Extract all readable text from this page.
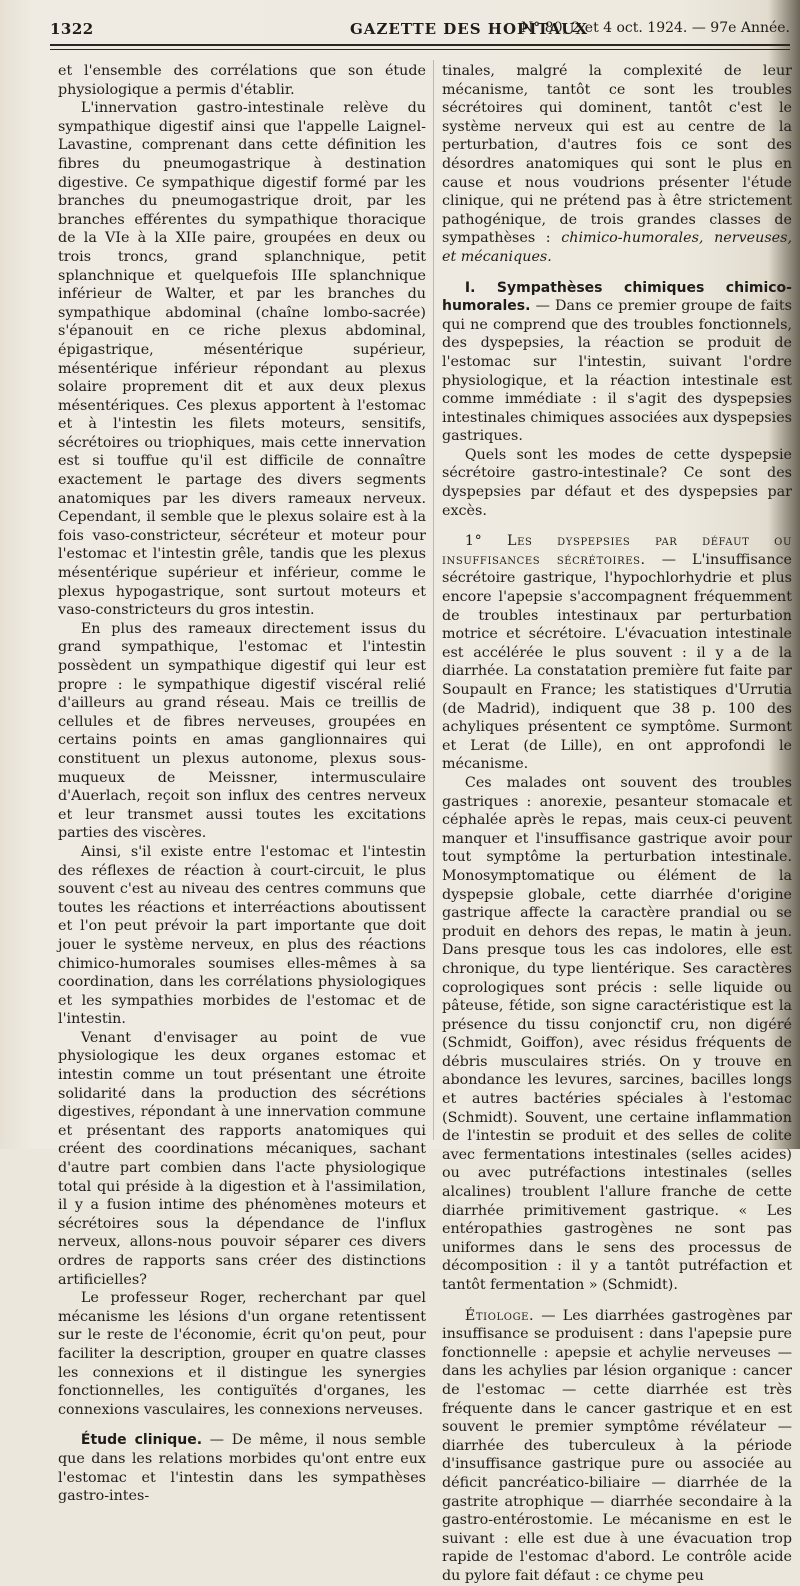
1322	GAZETTE DES HOPITAUX
N° 80, 2 et 4 oct. 1924. — 97e Année.

et l'ensemble des corrélations que son étude physiologique a permis d'établir.

L'innervation gastro-intestinale relève du sympathique digestif ainsi que l'appelle Laignel-Lavastine, comprenant dans cette définition les fibres du pneumogastrique à destination digestive. Ce sympathique digestif formé par les branches du pneumogastrique droit, par les branches efférentes du sympathique thoracique de la VIe à la XIIe paire, groupées en deux ou trois troncs, grand splanchnique, petit splanchnique et quelquefois IIIe splanchnique inférieur de Walter, et par les branches du sympathique abdominal (chaîne lombo-sacrée) s'épanouit en ce riche plexus abdominal, épigastrique, mésentérique supérieur, mésentérique inférieur répondant au plexus solaire proprement dit et aux deux plexus mésentériques. Ces plexus apportent à l'estomac et à l'intestin les filets moteurs, sensitifs, sécrétoires ou triophiques, mais cette innervation est si touffue qu'il est difficile de connaître exactement le partage des divers segments anatomiques par les divers rameaux nerveux. Cependant, il semble que le plexus solaire est à la fois vaso-constricteur, sécréteur et moteur pour l'estomac et l'intestin grêle, tandis que les plexus mésentérique supérieur et inférieur, comme le plexus hypogastrique, sont surtout moteurs et vaso-constricteurs du gros intestin.

En plus des rameaux directement issus du grand sympathique, l'estomac et l'intestin possèdent un sympathique digestif qui leur est propre : le sympathique digestif viscéral relié d'ailleurs au grand réseau. Mais ce treillis de cellules et de fibres nerveuses, groupées en certains points en amas ganglionnaires qui constituent un plexus autonome, plexus sous-muqueux de Meissner, intermusculaire d'Auerlach, reçoit son influx des centres nerveux et leur transmet aussi toutes les excitations parties des viscères.

Ainsi, s'il existe entre l'estomac et l'intestin des réflexes de réaction à court-circuit, le plus souvent c'est au niveau des centres communs que toutes les réactions et interréactions aboutissent et l'on peut prévoir la part importante que doit jouer le système nerveux, en plus des réactions chimico-humorales soumises elles-mêmes à sa coordination, dans les corrélations physiologiques et les sympathies morbides de l'estomac et de l'intestin.

Venant d'envisager au point de vue physiologique les deux organes estomac et intestin comme un tout présentant une étroite solidarité dans la production des sécrétions digestives, répondant à une innervation commune et présentant des rapports anatomiques qui créent des coordinations mécaniques, sachant d'autre part combien dans l'acte physiologique total qui préside à la digestion et à l'assimilation, il y a fusion intime des phénomènes moteurs et sécrétoires sous la dépendance de l'influx nerveux, allons-nous pouvoir séparer ces divers ordres de rapports sans créer des distinctions artificielles?

Le professeur Roger, recherchant par quel mécanisme les lésions d'un organe retentissent sur le reste de l'économie, écrit qu'on peut, pour faciliter la description, grouper en quatre classes les connexions et il distingue les synergies fonctionnelles, les contiguïtés d'organes, les connexions vasculaires, les connexions nerveuses.

Étude clinique. — De même, il nous semble que dans les relations morbides qu'ont entre eux l'estomac et l'intestin dans les sympathèses gastro-intes-

tinales, malgré la complexité de leur mécanisme, tantôt ce sont les troubles sécrétoires qui dominent, tantôt c'est le système nerveux qui est au centre de la perturbation, d'autres fois ce sont des désordres anatomiques qui sont le plus en cause et nous voudrions présenter l'étude clinique, qui ne prétend pas à être strictement pathogénique, de trois grandes classes de sympathèses : chimico-humorales, nerveuses, et mécaniques.

I. Sympathèses chimiques chimico-humorales. — Dans ce premier groupe de faits qui ne comprend que des troubles fonctionnels, des dyspepsies, la réaction se produit de l'estomac sur l'intestin, suivant l'ordre physiologique, et la réaction intestinale est comme immédiate : il s'agit des dyspepsies intestinales chimiques associées aux dyspepsies gastriques.

Quels sont les modes de cette dyspepsie sécrétoire gastro-intestinale? Ce sont des dyspepsies par défaut et des dyspepsies par excès.

1° Les dyspepsies par défaut ou insuffisances sécrétoires. — L'insuffisance sécrétoire gastrique, l'hypochlorhydrie et plus encore l'apepsie s'accompagnent fréquemment de troubles intestinaux par perturbation motrice et sécrétoire. L'évacuation intestinale est accélérée le plus souvent : il y a de la diarrhée. La constatation première fut faite par Soupault en France; les statistiques d'Urrutia (de Madrid), indiquent que 38 p. 100 des achyliques présentent ce symptôme. Surmont et Lerat (de Lille), en ont approfondi le mécanisme.

Ces malades ont souvent des troubles gastriques : anorexie, pesanteur stomacale et céphalée après le repas, mais ceux-ci peuvent manquer et l'insuffisance gastrique avoir pour tout symptôme la perturbation intestinale. Monosymptomatique ou élément de la dyspepsie globale, cette diarrhée d'origine gastrique affecte la caractère prandial ou se produit en dehors des repas, le matin à jeun. Dans presque tous les cas indolores, elle est chronique, du type lientérique. Ses caractères coprologiques sont précis : selle liquide ou pâteuse, fétide, son signe caractéristique est la présence du tissu conjonctif cru, non digéré (Schmidt, Goiffon), avec résidus fréquents de débris musculaires striés. On y trouve en abondance les levures, sarcines, bacilles longs et autres bactéries spéciales à l'estomac (Schmidt). Souvent, une certaine inflammation de l'intestin se produit et des selles de colite avec fermentations intestinales (selles acides) ou avec putréfactions intestinales (selles alcalines) troublent l'allure franche de cette diarrhée primitivement gastrique. « Les entéropathies gastrogènes ne sont pas uniformes dans le sens des processus de décomposition : il y a tantôt putréfaction et tantôt fermentation » (Schmidt).

Étiologe. — Les diarrhées gastrogènes par insuffisance se produisent : dans l'apepsie pure fonctionnelle : apepsie et achylie nerveuses — dans les achylies par lésion organique : cancer de l'estomac — cette diarrhée est très fréquente dans le cancer gastrique et en est souvent le premier symptôme révélateur — diarrhée des tuberculeux à la période d'insuffisance gastrique pure ou associée au déficit pancréatico-biliaire — diarrhée de la gastrite atrophique — diarrhée secondaire à la gastro-entérostomie. Le mécanisme en est le suivant : elle est due à une évacuation trop rapide de l'estomac d'abord. Le contrôle acide du pylore fait défaut : ce chyme peu
